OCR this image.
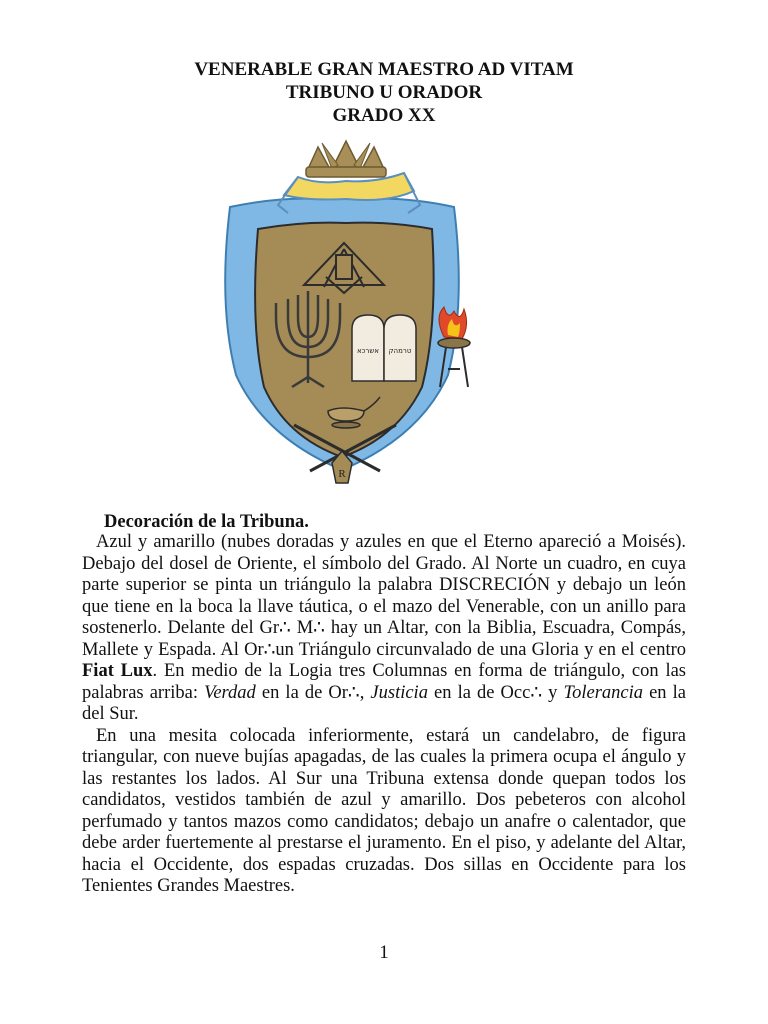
VENERABLE GRAN MAESTRO AD VITAM
TRIBUNO U ORADOR
GRADO XX
אשרכא טרמהק
R
Decoración de la Tribuna.

Azul y amarillo (nubes doradas y azules en que el Eterno apareció a Moisés). Debajo del dosel de Oriente, el símbolo del Grado. Al Norte un cuadro, en cuya parte superior se pinta un triángulo la palabra DISCRECIÓN y debajo un león que tiene en la boca la llave táutica, o el mazo del Venerable, con un anillo para sostenerlo. Delante del Gr∴ M∴ hay un Altar, con la Biblia, Escuadra, Compás, Mallete y Espada. Al Or∴un Triángulo circunvalado de una Gloria y en el centro Fiat Lux. En medio de la Logia tres Columnas en forma de triángulo, con las palabras arriba: Verdad en la de Or∴, Justicia en la de Occ∴ y Tolerancia en la del Sur.

En una mesita colocada inferiormente, estará un candelabro, de figura triangular, con nueve bujías apagadas, de las cuales la primera ocupa el ángulo y las restantes los lados. Al Sur una Tribuna extensa donde quepan todos los candidatos, vestidos también de azul y amarillo. Dos pebeteros con alcohol perfumado y tantos mazos como candidatos; debajo un anafre o calentador, que debe arder fuertemente al prestarse el juramento. En el piso, y adelante del Altar, hacia el Occidente, dos espadas cruzadas. Dos sillas en Occidente para los Tenientes Grandes Maestres.

1
